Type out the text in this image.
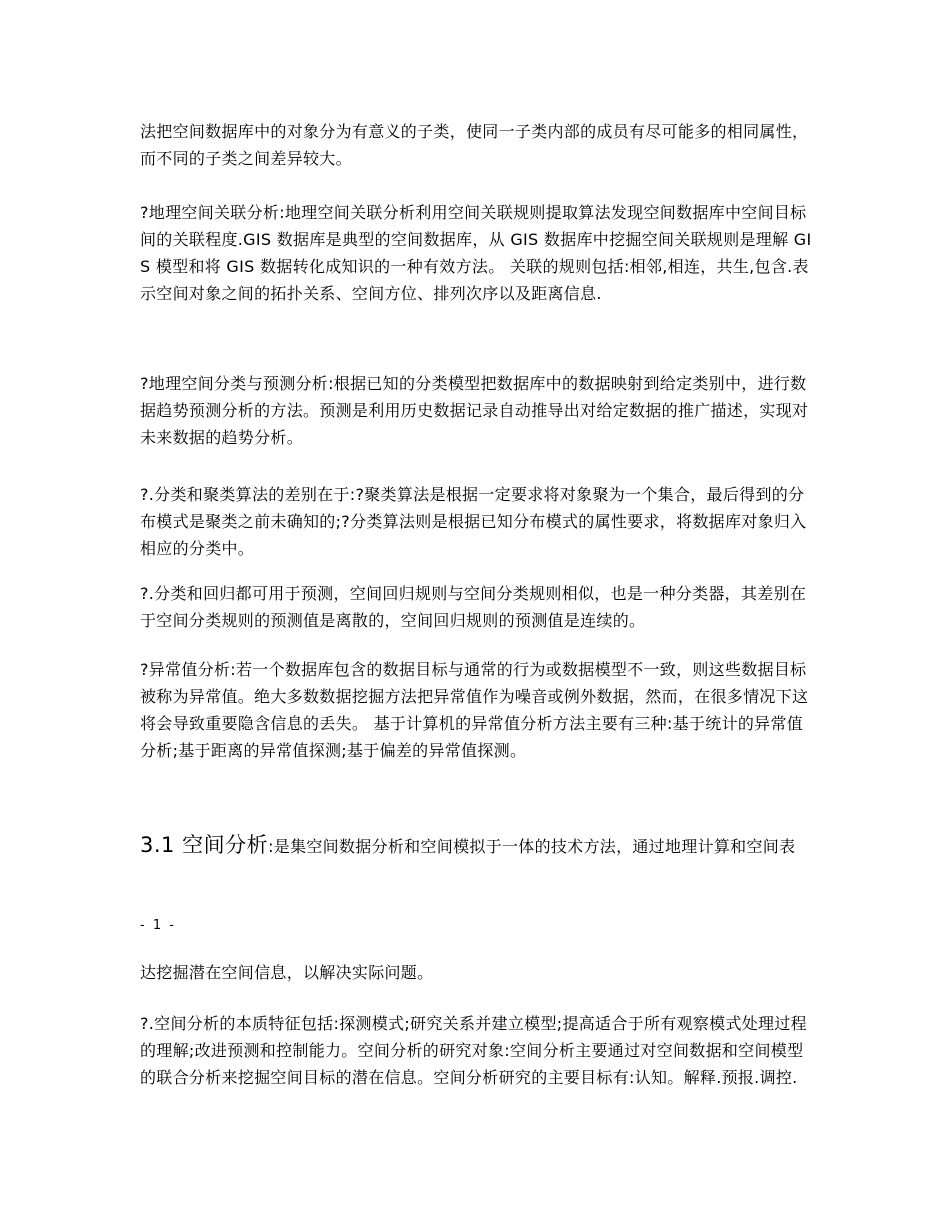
法把空间数据库中的对象分为有意义的子类，使同一子类内部的成员有尽可能多的相同属性，而不同的子类之间差异较大。

?地理空间关联分析:地理空间关联分析利用空间关联规则提取算法发现空间数据库中空间目标间的关联程度.GIS 数据库是典型的空间数据库，从 GIS 数据库中挖掘空间关联规则是理解 GIS 模型和将 GIS 数据转化成知识的一种有效方法。 关联的规则包括:相邻,相连，共生,包含.表示空间对象之间的拓扑关系、空间方位、排列次序以及距离信息.

?地理空间分类与预测分析:根据已知的分类模型把数据库中的数据映射到给定类别中，进行数据趋势预测分析的方法。预测是利用历史数据记录自动推导出对给定数据的推广描述，实现对未来数据的趋势分析。

?.分类和聚类算法的差别在于:?聚类算法是根据一定要求将对象聚为一个集合，最后得到的分布模式是聚类之前未确知的;?分类算法则是根据已知分布模式的属性要求，将数据库对象归入相应的分类中。

?.分类和回归都可用于预测，空间回归规则与空间分类规则相似，也是一种分类器，其差别在于空间分类规则的预测值是离散的，空间回归规则的预测值是连续的。

?异常值分析:若一个数据库包含的数据目标与通常的行为或数据模型不一致，则这些数据目标被称为异常值。绝大多数数据挖掘方法把异常值作为噪音或例外数据，然而，在很多情况下这将会导致重要隐含信息的丢失。 基于计算机的异常值分析方法主要有三种:基于统计的异常值分析;基于距离的异常值探测;基于偏差的异常值探测。

3.1 空间分析:是集空间数据分析和空间模拟于一体的技术方法，通过地理计算和空间表
- 1 -

达挖掘潜在空间信息，以解决实际问题。

?.空间分析的本质特征包括:探测模式;研究关系并建立模型;提高适合于所有观察模式处理过程的理解;改进预测和控制能力。空间分析的研究对象:空间分析主要通过对空间数据和空间模型的联合分析来挖掘空间目标的潜在信息。空间分析研究的主要目标有:认知。解释.预报.调控.
